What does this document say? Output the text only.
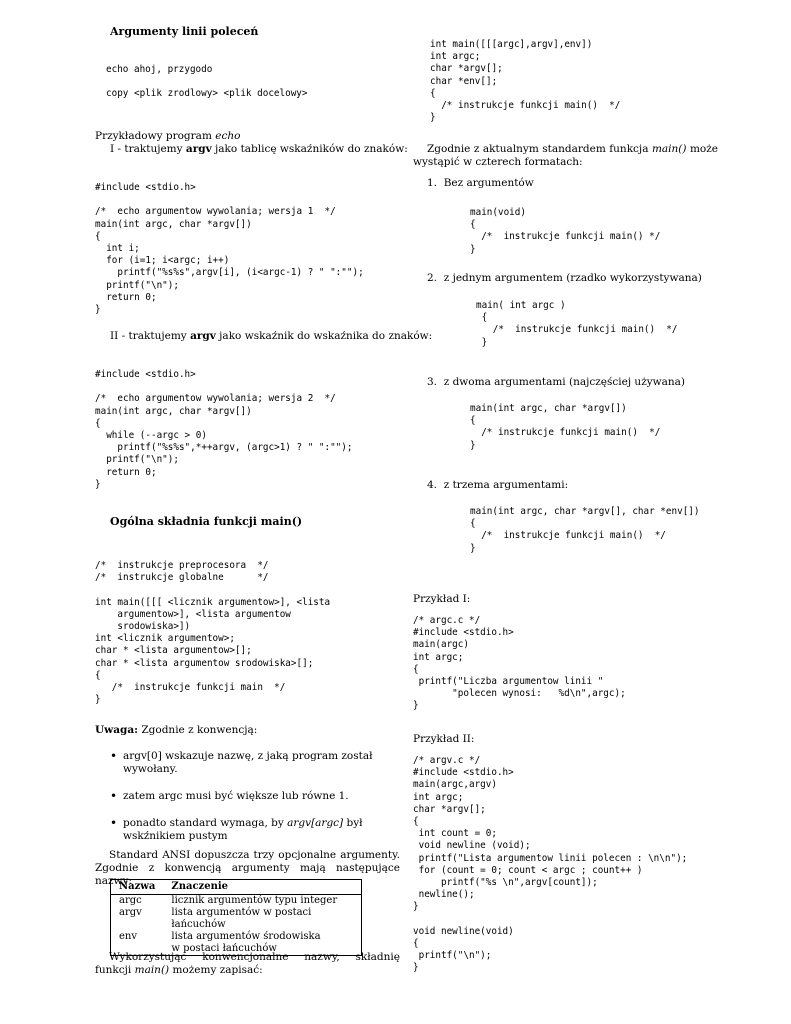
Argumenty linii poleceń
echo ahoj, przygodo

copy <plik zrodlowy> <plik docelowy>
Przykładowy program echo
I - traktujemy argv jako tablicę wskaźników do znaków:
#include <stdio.h>

/*  echo argumentow wywolania; wersja 1  */
main(int argc, char *argv[])
{
int i;
for (i=1; i<argc; i++)
printf("%s%s",argv[i], (i<argc-1) ? " ":"");
printf("\n");
return 0;
}
II - traktujemy argv jako wskaźnik do wskaźnika do znaków:
#include <stdio.h>

/*  echo argumentow wywolania; wersja 2  */
main(int argc, char *argv[])
{
while (--argc > 0)
printf("%s%s",*++argv, (argc>1) ? " ":"");
printf("\n");
return 0;
}
Ogólna składnia funkcji main()
/*  instrukcje preprocesora  */
/*  instrukcje globalne      */

int main([[[ <licznik argumentow>], <lista
argumentow>], <lista argumentow
srodowiska>])
int <licznik argumentow>;
char * <lista argumentow>[];
char * <lista argumentow srodowiska>[];
{
/*  instrukcje funkcji main  */
}
Uwaga: Zgodnie z konwencją:
• argv[0] wskazuje nazwę, z jaką program został wywołany.
• zatem argc musi być większe lub równe 1.
• ponadto standard wymaga, by argv[argc] był wskźnikiem pustym
Standard ANSI dopuszcza trzy opcjonalne argumenty. Zgodnie z konwencją argumenty mają następujące nazwy:
Nazwa	Znaczenie
argc	licznik argumentów typu integer
argv	lista argumentów w postaci łańcuchów
env	lista argumentów środowiska
	w postaci łańcuchów
Wykorzystując konwencjonalne nazwy, składnię funkcji main() możemy zapisać:
int main([[[argc],argv],env])
int argc;
char *argv[];
char *env[];
{
/* instrukcje funkcji main()  */
}
Zgodnie z aktualnym standardem funkcja main() może wystąpić w czterech formatach:
1. Bez argumentów
main(void)
{
/*  instrukcje funkcji main() */
}
2. z jednym argumentem (rzadko wykorzystywana)
main( int argc )
{
/*  instrukcje funkcji main()  */
}
3. z dwoma argumentami (najczęściej używana)
main(int argc, char *argv[])
{
/* instrukcje funkcji main()  */
}
4. z trzema argumentami:
main(int argc, char *argv[], char *env[])
{
/*  instrukcje funkcji main()  */
}
Przykład I:
/* argc.c */
#include <stdio.h>
main(argc)
int argc;
{
printf("Liczba argumentow linii "
"polecen wynosi:   %d\n",argc);
}
Przykład II:
/* argv.c */
#include <stdio.h>
main(argc,argv)
int argc;
char *argv[];
{
int count = 0;
void newline (void);
printf("Lista argumentow linii polecen : \n\n");
for (count = 0; count < argc ; count++ )
printf("%s \n",argv[count]);
newline();
}

void newline(void)
{
printf("\n");
}
